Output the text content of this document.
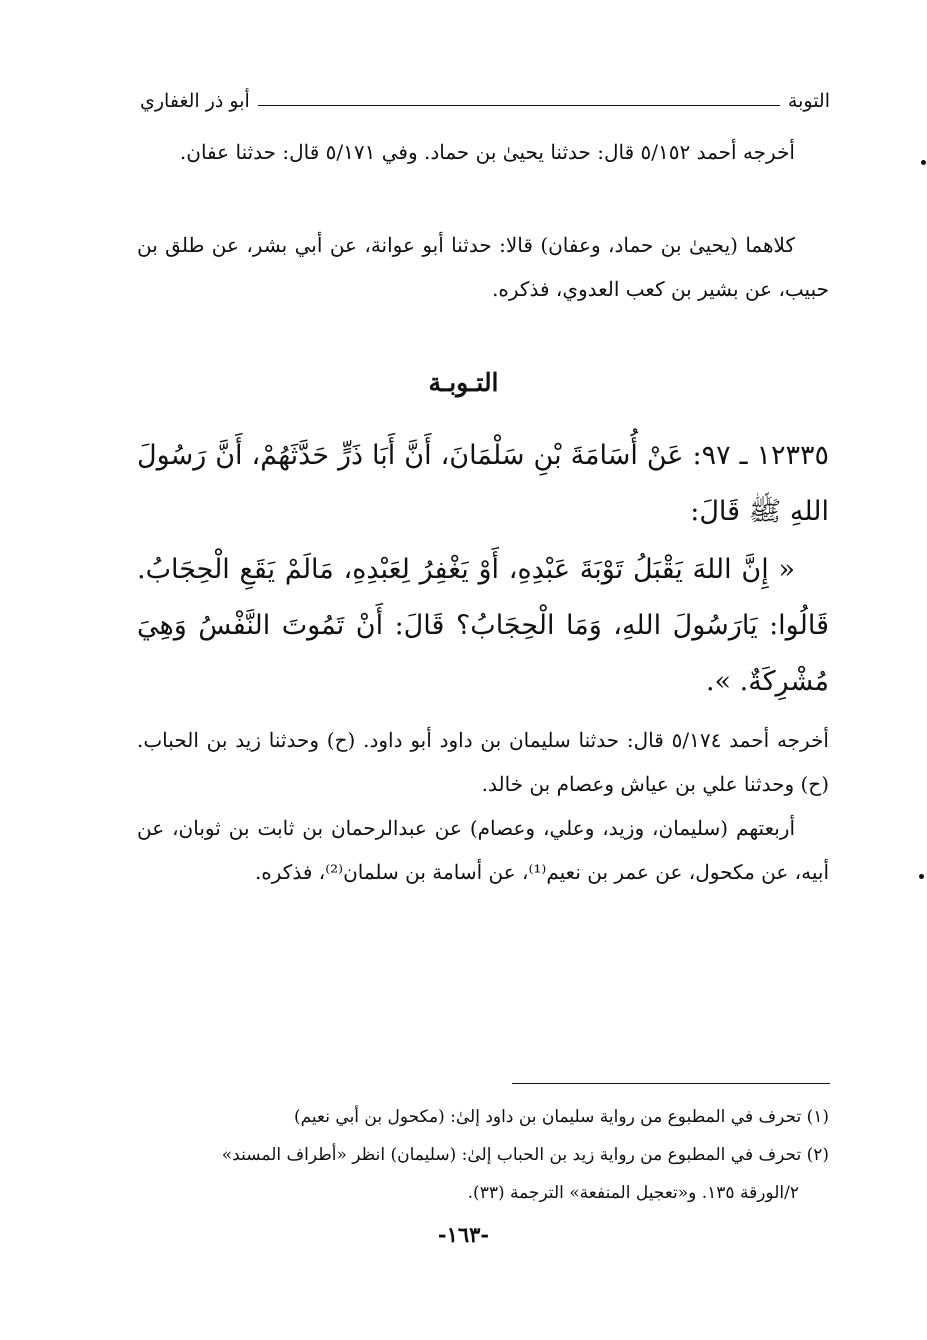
التوبة
أبو ذر الغفاري

أخرجه أحمد ٥/١٥٢ قال: حدثنا يحيىٰ بن حماد. وفي ٥/١٧١ قال: حدثنا عفان.

كلاهما (يحيىٰ بن حماد، وعفان) قالا: حدثنا أبو عوانة، عن أبي بشر، عن طلق بن حبيب، عن بشير بن كعب العدوي، فذكره.

التـوبـة

١٢٣٣٥ ـ ٩٧: عَنْ أُسَامَةَ بْنِ سَلْمَانَ، أَنَّ أَبَا ذَرٍّ حَدَّثَهُمْ، أَنَّ رَسُولَ اللهِ ﷺ قَالَ:

« إِنَّ اللهَ يَقْبَلُ تَوْبَةَ عَبْدِهِ، أَوْ يَغْفِرُ لِعَبْدِهِ، مَالَمْ يَقَعِ الْحِجَابُ. قَالُوا: يَارَسُولَ اللهِ، وَمَا الْحِجَابُ؟ قَالَ: أَنْ تَمُوتَ النَّفْسُ وَهِيَ مُشْرِكَةٌ. ».

أخرجه أحمد ٥/١٧٤ قال: حدثنا سليمان بن داود أبو داود. (ح) وحدثنا زيد بن الحباب. (ح) وحدثنا علي بن عياش وعصام بن خالد.

أربعتهم (سليمان، وزيد، وعلي، وعصام) عن عبدالرحمان بن ثابت بن ثوبان، عن أبيه، عن مكحول، عن عمر بن نعيم⁽¹⁾، عن أسامة بن سلمان⁽²⁾، فذكره.

(١) تحرف في المطبوع من رواية سليمان بن داود إلىٰ: (مكحول بن أبي نعيم)

(٢) تحرف في المطبوع من رواية زيد بن الحباب إلىٰ: (سليمان) انظر «أطراف المسند»

٢/الورقة ١٣٥. و«تعجيل المنفعة» الترجمة (٣٣).

-١٦٣-
